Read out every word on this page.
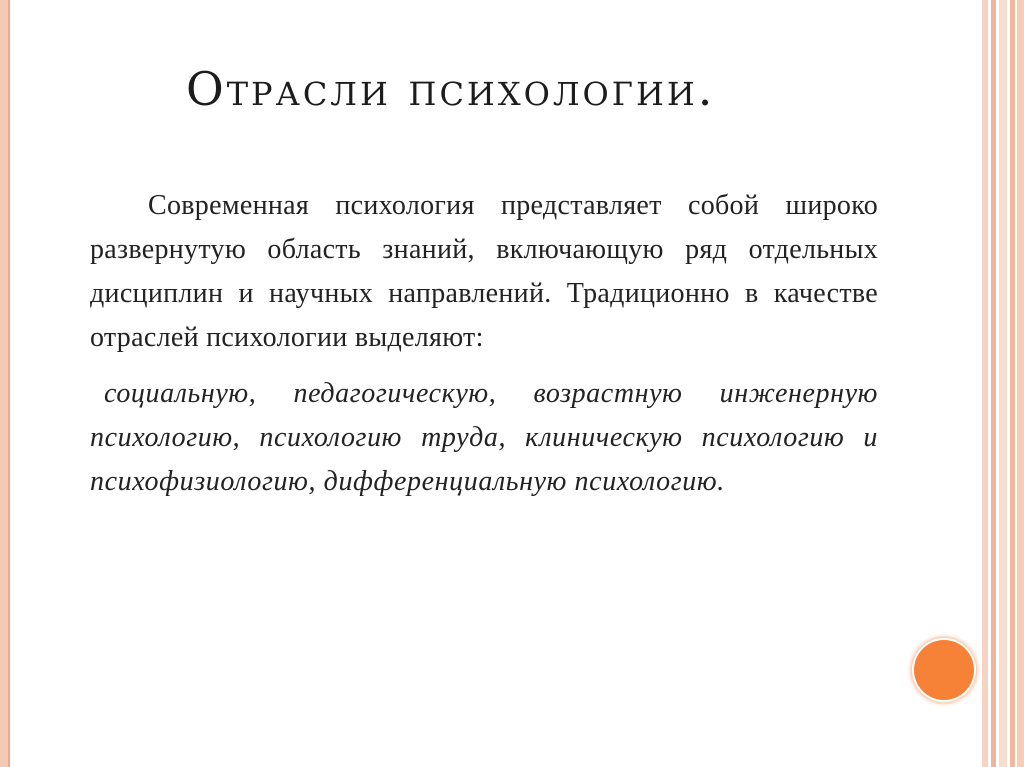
Отрасли психологии.

Современная психология представляет собой широко развернутую область знаний, включающую ряд отдельных дисциплин и научных направлений. Традиционно в качестве отраслей психологии выделяют:

социальную, педагогическую, возрастную инженерную психологию, психологию труда, клиническую психологию и психофизиологию, дифференциальную психологию.
